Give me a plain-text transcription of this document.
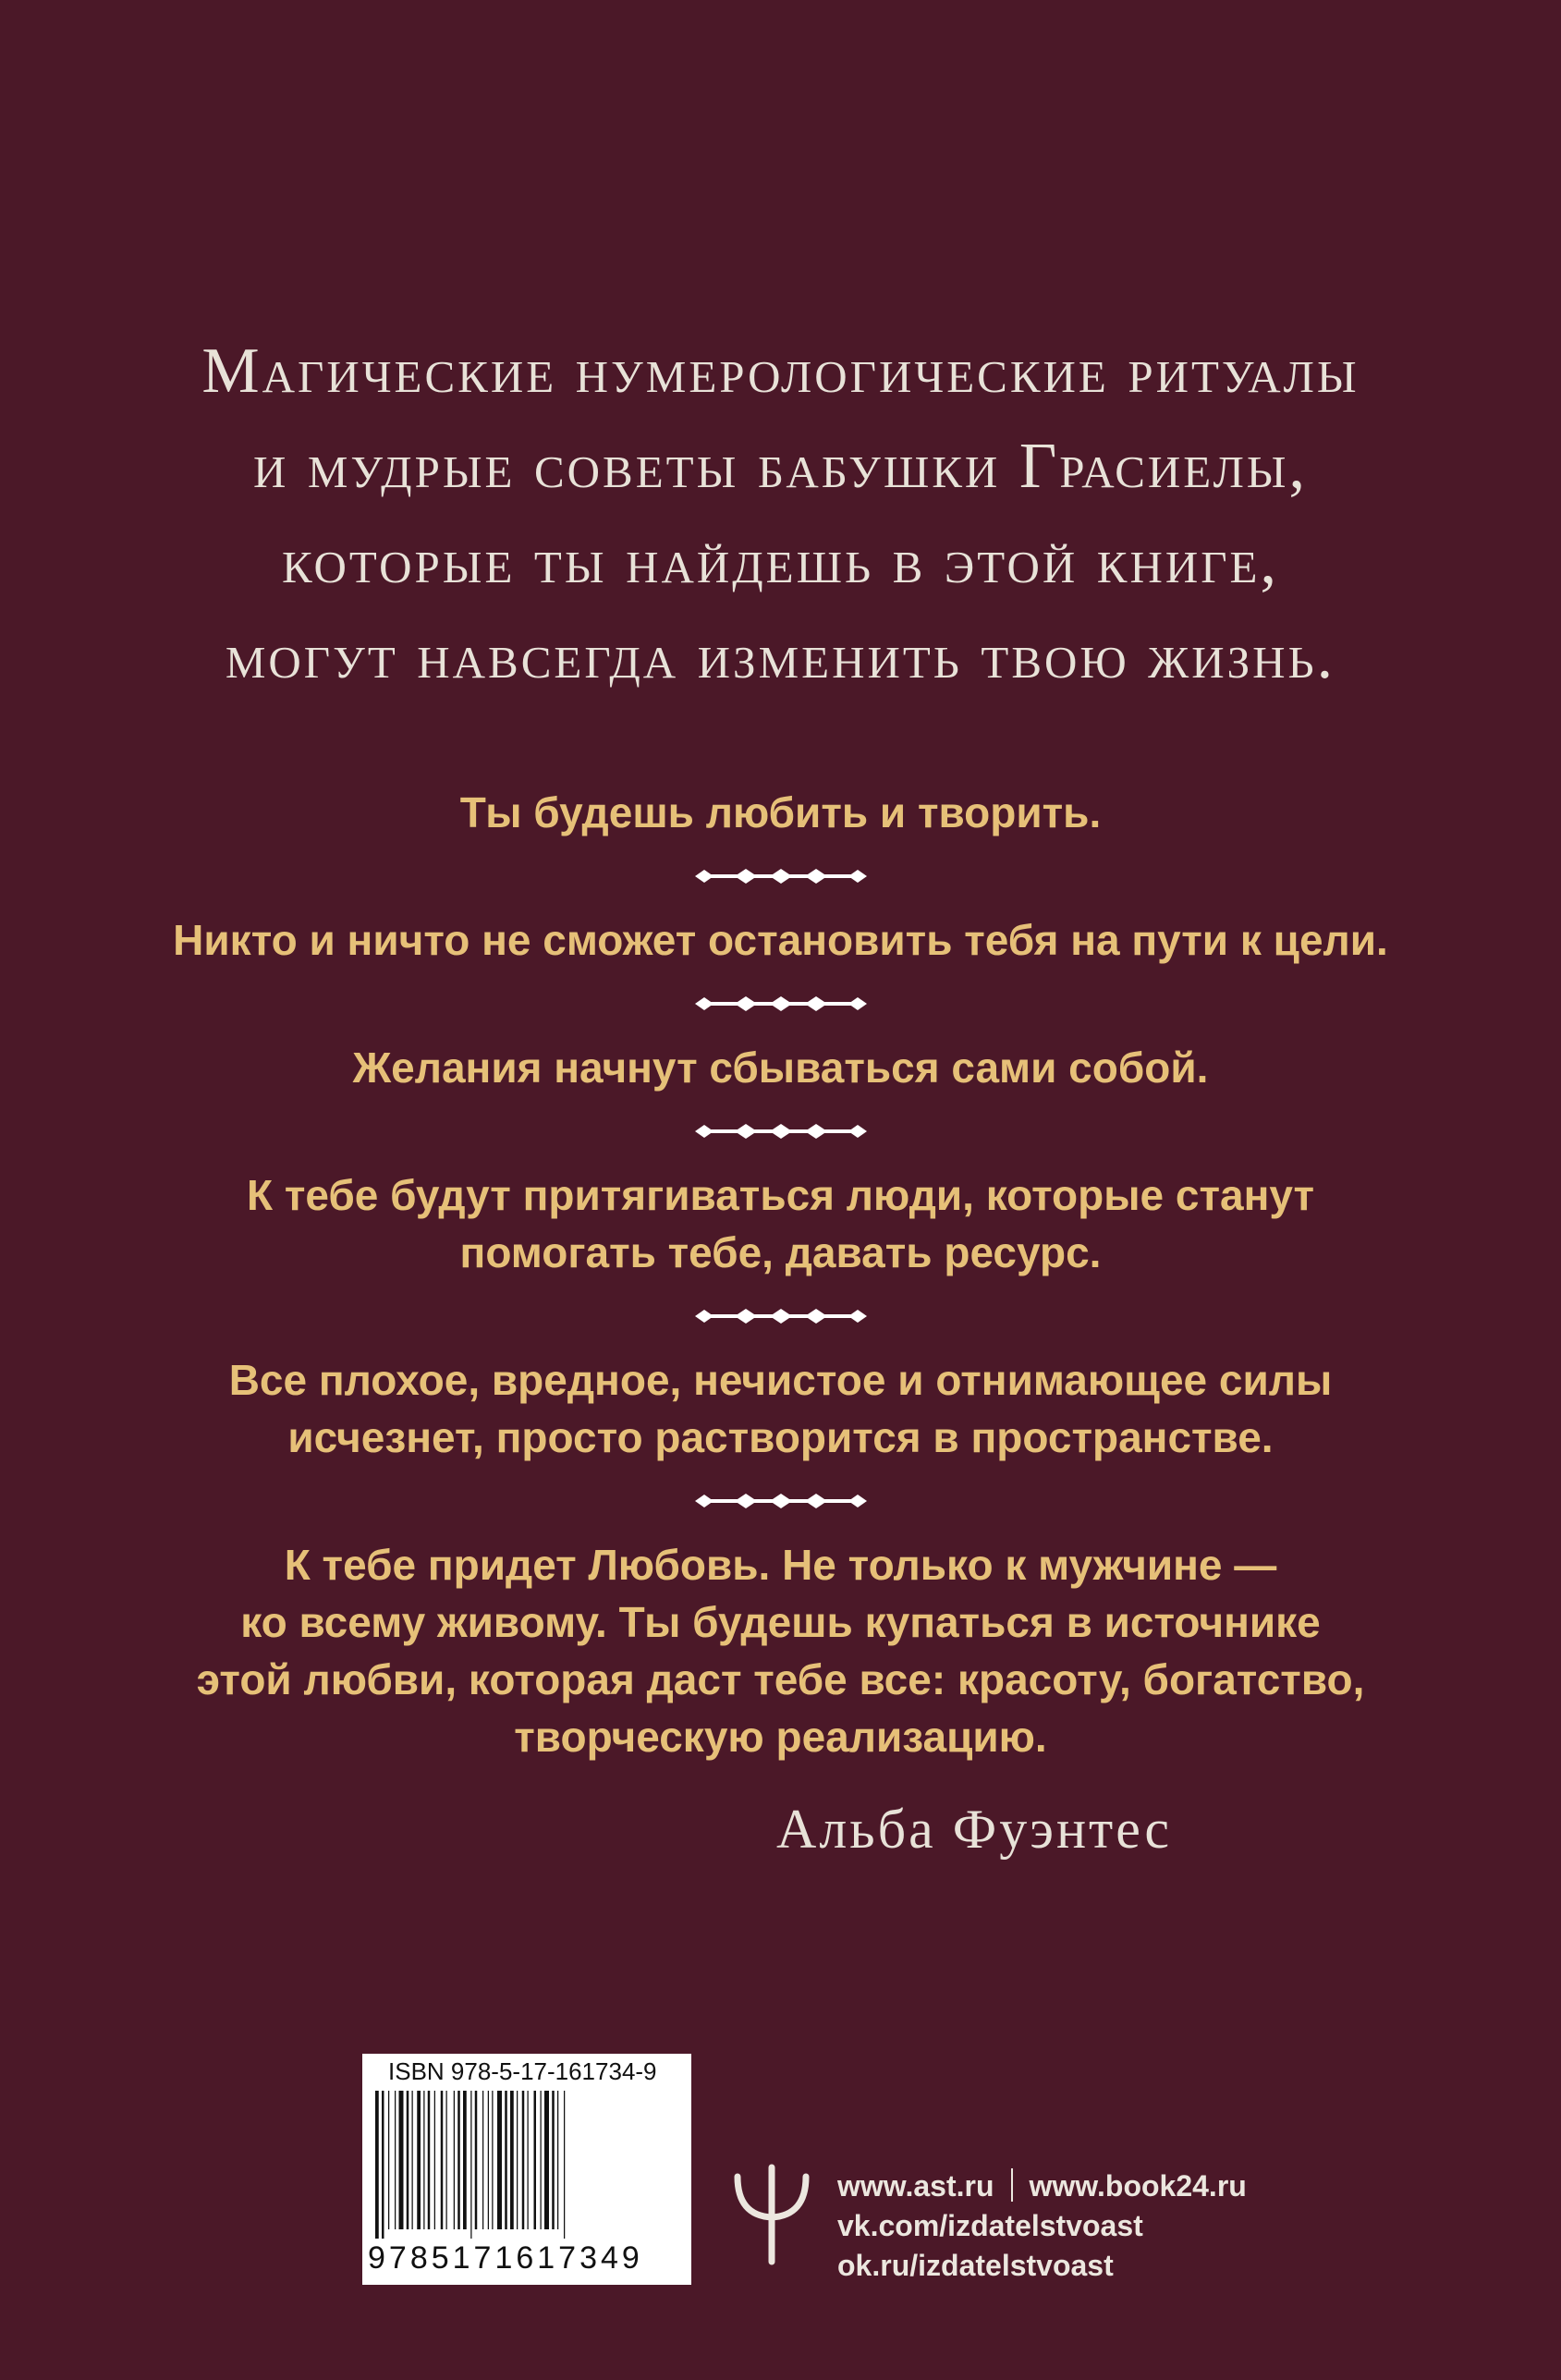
Магические нумерологические ритуалы
и мудрые советы бабушки Грасиелы,
которые ты найдешь в этой книге,
могут навсегда изменить твою жизнь.
Ты будешь любить и творить.
Никто и ничто не сможет остановить тебя на пути к цели.
Желания начнут сбываться сами собой.
К тебе будут притягиваться люди, которые станут
помогать тебе, давать ресурс.
Все плохое, вредное, нечистое и отнимающее силы
исчезнет, просто растворится в пространстве.
К тебе придет Любовь. Не только к мужчине —
ко всему живому. Ты будешь купаться в источнике
этой любви, которая даст тебе все: красоту, богатство,
творческую реализацию.
Альба Фуэнтес
ISBN 978-5-17-161734-9
9785171617349
www.ast.ru www.book24.ru
vk.com/izdatelstvoast
ok.ru/izdatelstvoast
